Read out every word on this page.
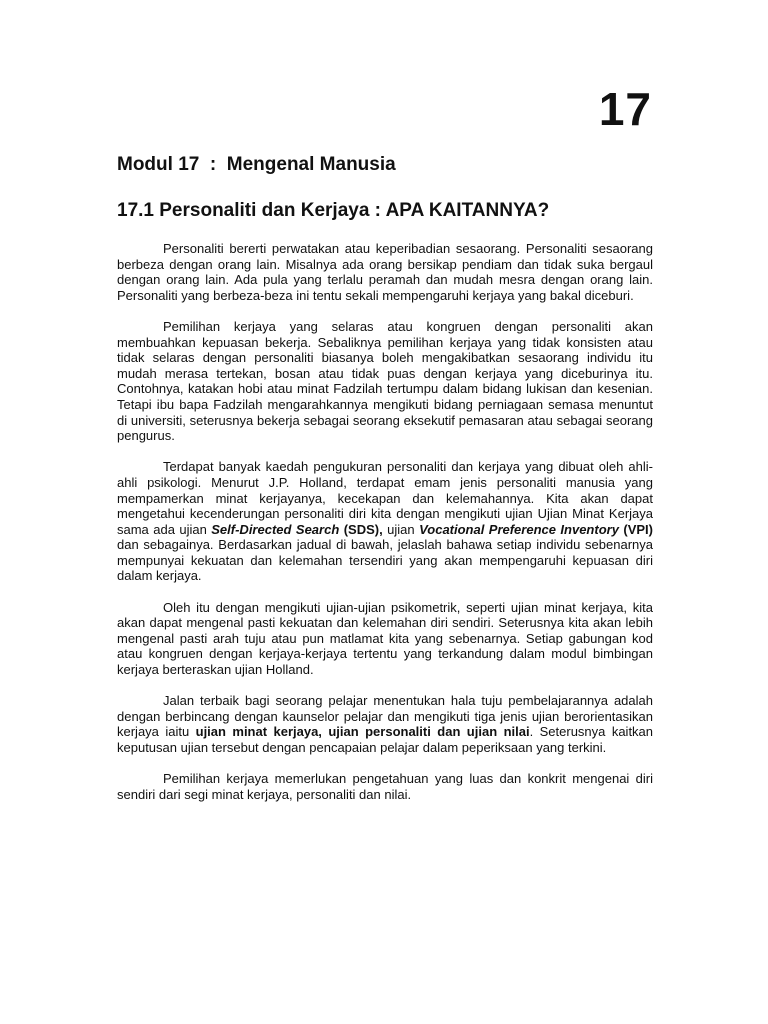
17
Modul 17  :  Mengenal Manusia
17.1 Personaliti dan Kerjaya : APA KAITANNYA?

Personaliti bererti perwatakan atau keperibadian sesaorang. Personaliti sesaorang berbeza dengan orang lain. Misalnya ada orang bersikap pendiam dan tidak suka bergaul dengan orang lain. Ada pula yang terlalu peramah dan mudah mesra dengan orang lain. Personaliti yang berbeza-beza ini tentu sekali mempengaruhi kerjaya yang bakal diceburi.

Pemilihan kerjaya yang selaras atau kongruen dengan personaliti akan membuahkan kepuasan bekerja. Sebaliknya pemilihan kerjaya yang tidak konsisten atau tidak selaras dengan personaliti biasanya boleh mengakibatkan sesaorang individu itu mudah merasa tertekan, bosan atau tidak puas dengan kerjaya yang diceburinya itu. Contohnya, katakan hobi atau minat Fadzilah tertumpu dalam bidang lukisan dan kesenian. Tetapi ibu bapa Fadzilah mengarahkannya mengikuti bidang perniagaan semasa menuntut di universiti, seterusnya bekerja sebagai seorang eksekutif pemasaran atau sebagai seorang pengurus.

Terdapat banyak kaedah pengukuran personaliti dan kerjaya yang dibuat oleh ahli-ahli psikologi. Menurut J.P. Holland, terdapat emam jenis personaliti manusia yang mempamerkan minat kerjayanya, kecekapan dan kelemahannya. Kita akan dapat mengetahui kecenderungan personaliti diri kita dengan mengikuti ujian Ujian Minat Kerjaya sama ada ujian Self-Directed Search (SDS), ujian Vocational Preference Inventory (VPI) dan sebagainya. Berdasarkan jadual di bawah, jelaslah bahawa setiap individu sebenarnya mempunyai kekuatan dan kelemahan tersendiri yang akan mempengaruhi kepuasan diri dalam kerjaya.

Oleh itu dengan mengikuti ujian-ujian psikometrik, seperti ujian minat kerjaya, kita akan dapat mengenal pasti kekuatan dan kelemahan diri sendiri. Seterusnya kita akan lebih mengenal pasti arah tuju atau pun matlamat kita yang sebenarnya. Setiap gabungan kod atau kongruen dengan kerjaya-kerjaya tertentu yang terkandung dalam modul bimbingan kerjaya berteraskan ujian Holland.

Jalan terbaik bagi seorang pelajar menentukan hala tuju pembelajarannya adalah dengan berbincang dengan kaunselor pelajar dan mengikuti tiga jenis ujian berorientasikan kerjaya iaitu ujian minat kerjaya, ujian personaliti dan ujian nilai. Seterusnya kaitkan keputusan ujian tersebut dengan pencapaian pelajar dalam peperiksaan yang terkini.

Pemilihan kerjaya memerlukan pengetahuan yang luas dan konkrit mengenai diri sendiri dari segi minat kerjaya, personaliti dan nilai.
